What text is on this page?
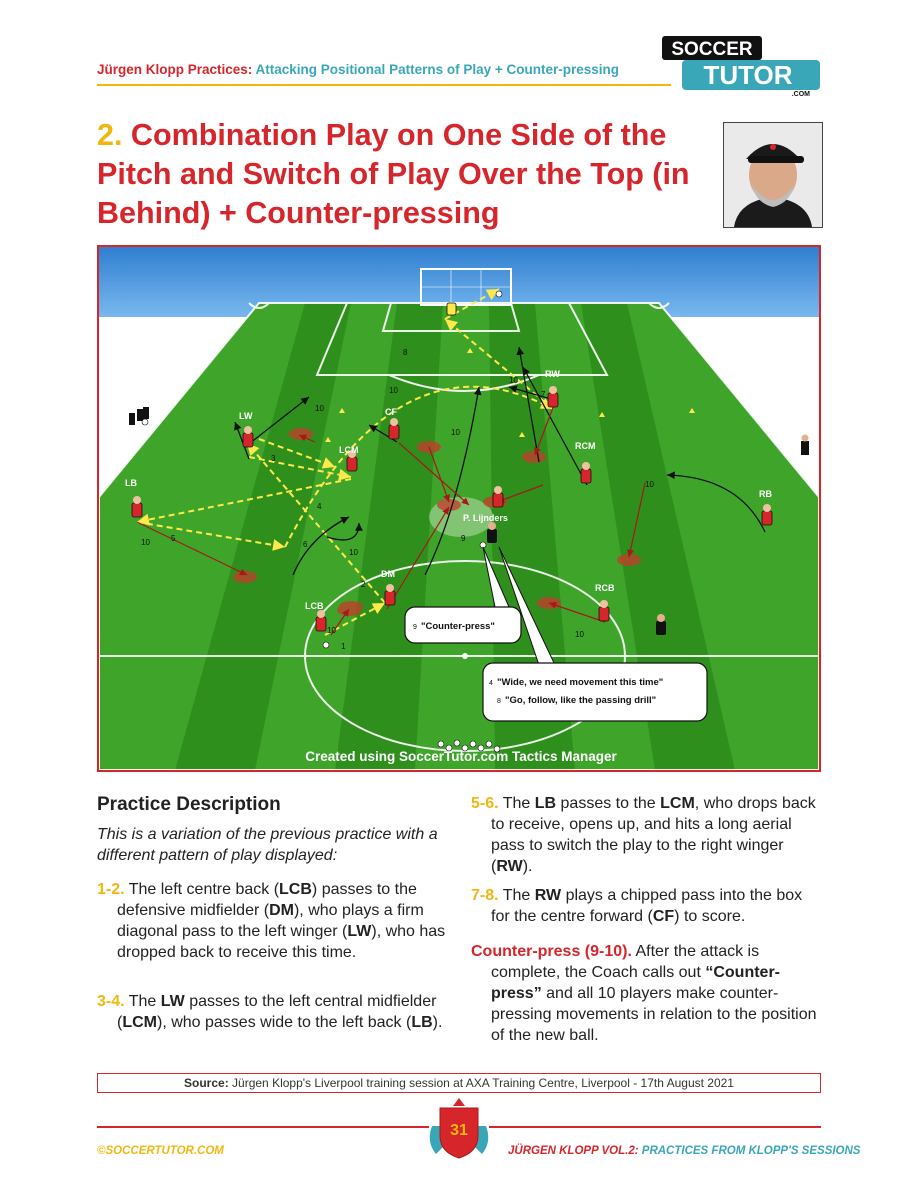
Jürgen Klopp Practices: Attacking Positional Patterns of Play + Counter-pressing
SOCCER
TUTOR
.COM
2. Combination Play on One Side of the Pitch and Switch of Play Over the Top (in Behind) + Counter-pressing
LW
LB
LCM
CF
RW
RCM
RB
DM
LCB
RCB
P. Lijnders
Klopp
1
2
3
4
5
6
7
8
9
10
10
10
10
10
10
10
10
10
9 "Counter-press"
4 "Wide, we need movement this time"
8 "Go, follow, like the passing drill"
Created using SoccerTutor.com Tactics Manager
Practice Description
This is a variation of the previous practice with a different pattern of play displayed:
1-2. The left centre back (LCB) passes to the defensive midfielder (DM), who plays a firm diagonal pass to the left winger (LW), who has dropped back to receive this time.
3-4. The LW passes to the left central midfielder (LCM), who passes wide to the left back (LB).
5-6. The LB passes to the LCM, who drops back to receive, opens up, and hits a long aerial pass to switch the play to the right winger (RW).
7-8. The RW plays a chipped pass into the box for the centre forward (CF) to score.
Counter-press (9-10). After the attack is complete, the Coach calls out “Counter-press” and all 10 players make counter-pressing movements in relation to the position of the new ball.
Source: Jürgen Klopp's Liverpool training session at AXA Training Centre, Liverpool - 17th August 2021
31
©SOCCERTUTOR.COM	JÜRGEN KLOPP VOL.2: PRACTICES FROM KLOPP'S SESSIONS
